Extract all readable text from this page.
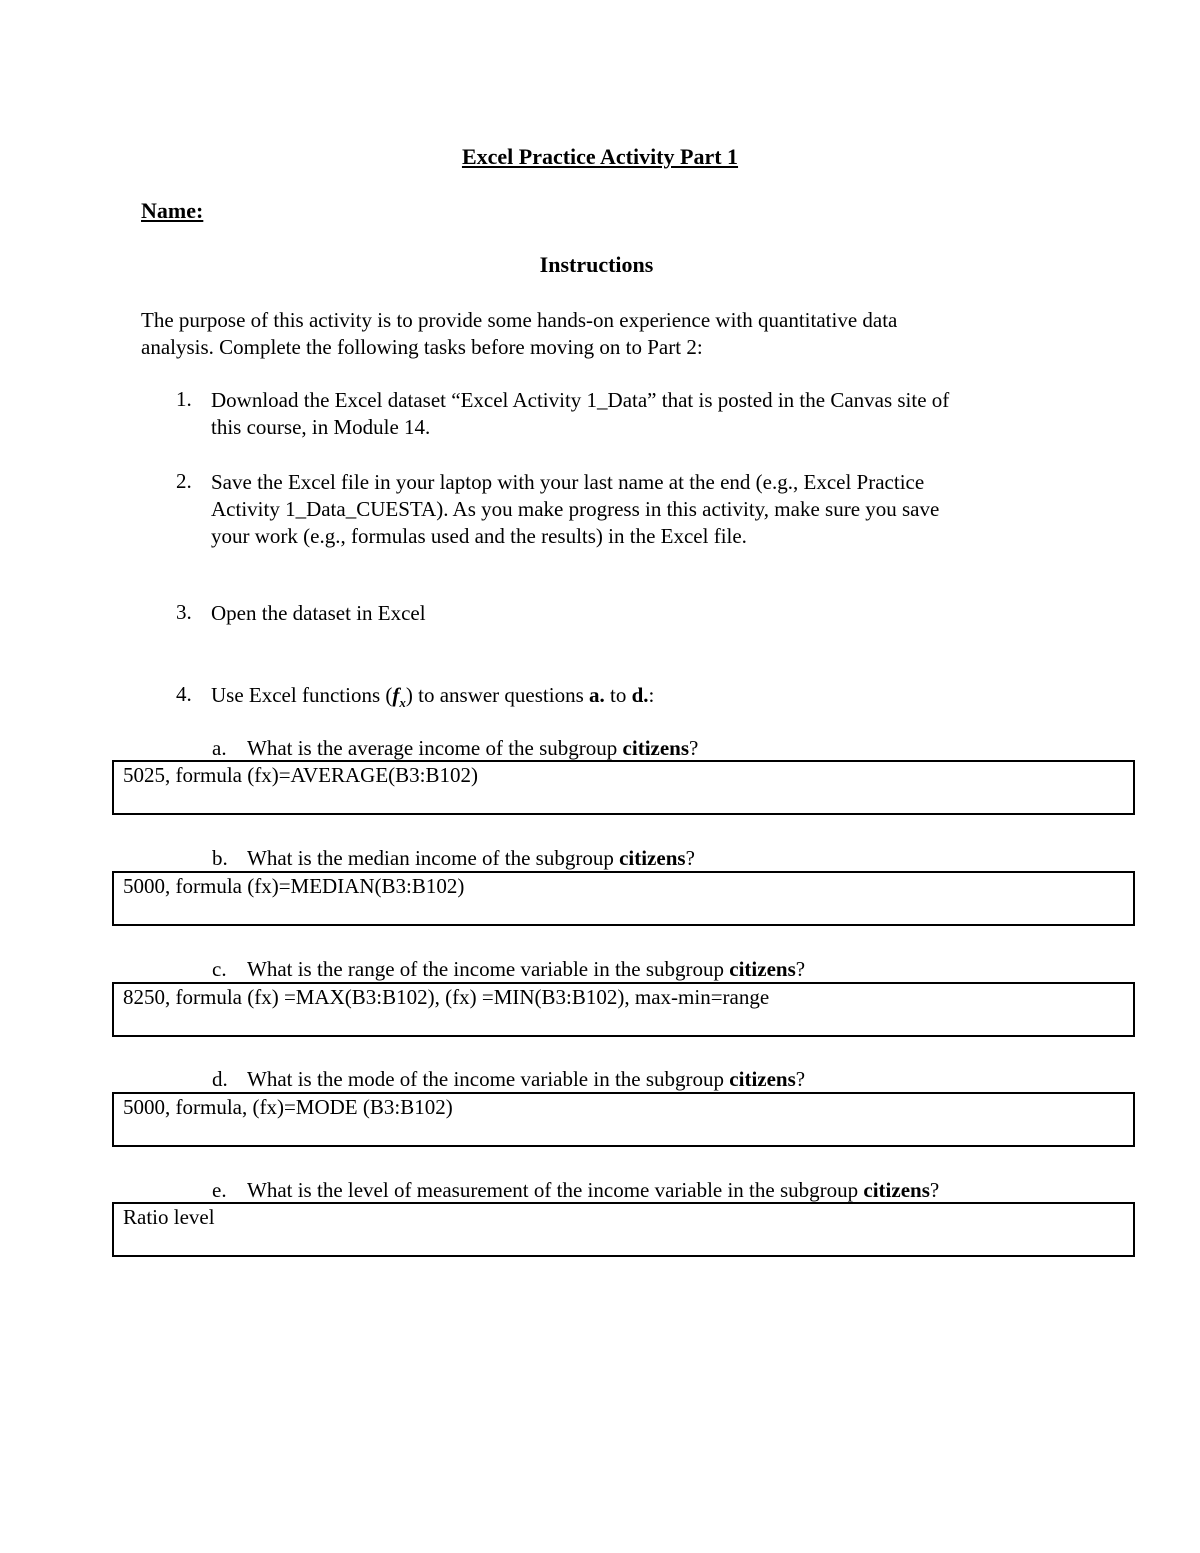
Excel Practice Activity Part 1
Name:
Instructions
The purpose of this activity is to provide some hands-on experience with quantitative data
analysis. Complete the following tasks before moving on to Part 2:
1. Download the Excel dataset “Excel Activity 1_Data” that is posted in the Canvas site of
this course, in Module 14.
2. Save the Excel file in your laptop with your last name at the end (e.g., Excel Practice
Activity 1_Data_CUESTA). As you make progress in this activity, make sure you save
your work (e.g., formulas used and the results) in the Excel file.
3. Open the dataset in Excel
4. Use Excel functions $(f_x)$ to answer questions a. to d.:
a. What is the average income of the subgroup citizens?
5025, formula (fx)=AVERAGE(B3:B102)
b. What is the median income of the subgroup citizens?
5000, formula (fx)=MEDIAN(B3:B102)
c. What is the range of the income variable in the subgroup citizens?
8250, formula (fx) =MAX(B3:B102), (fx) =MIN(B3:B102), max-min=range
d. What is the mode of the income variable in the subgroup citizens?
5000, formula, (fx)=MODE (B3:B102)
e. What is the level of measurement of the income variable in the subgroup citizens?
Ratio level
